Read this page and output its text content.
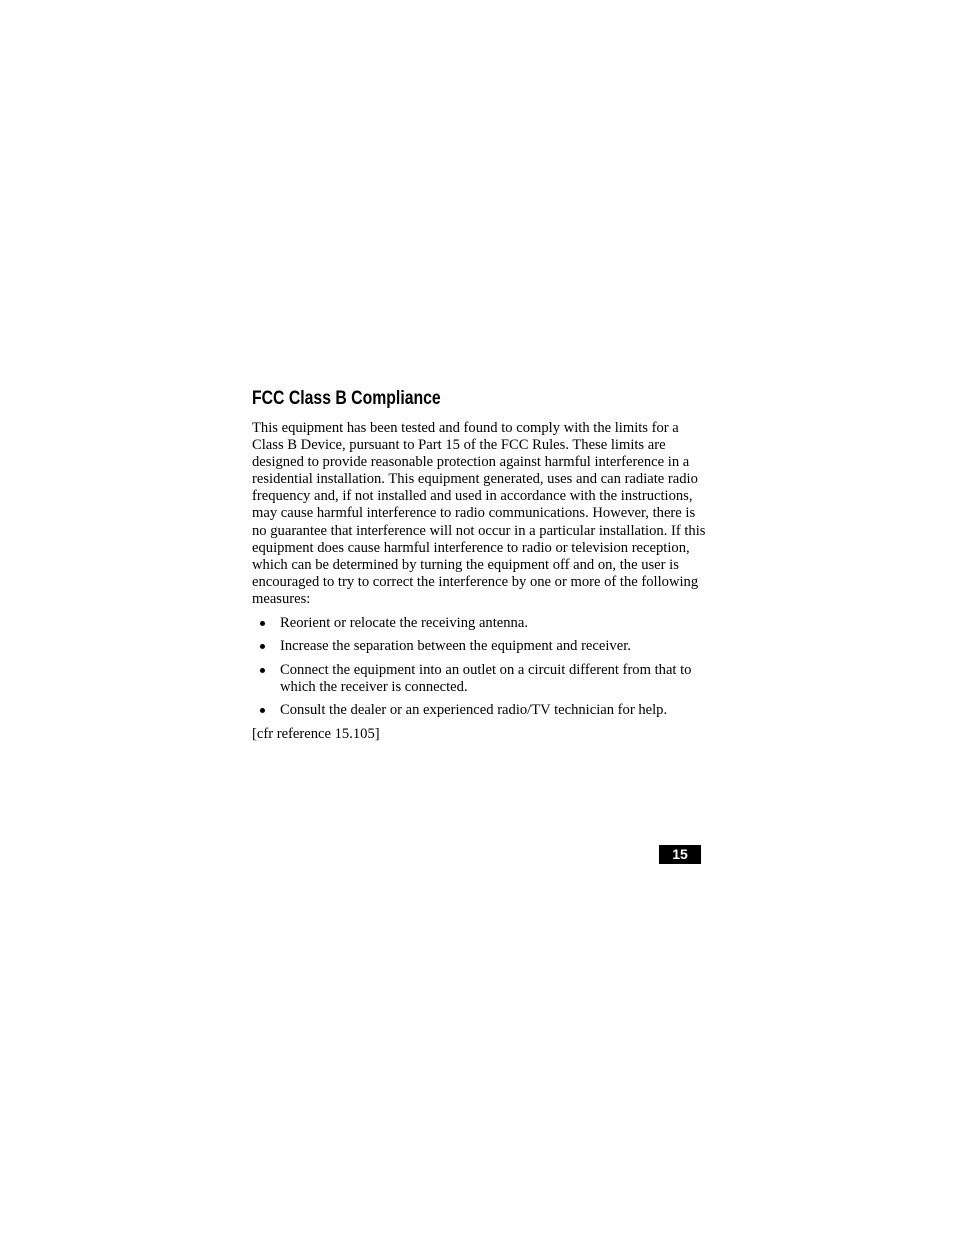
FCC Class B Compliance
This equipment has been tested and found to comply with the limits for a
Class B Device, pursuant to Part 15 of the FCC Rules. These limits are
designed to provide reasonable protection against harmful interference in a
residential installation. This equipment generated, uses and can radiate radio
frequency and, if not installed and used in accordance with the instructions,
may cause harmful interference to radio communications. However, there is
no guarantee that interference will not occur in a particular installation. If this
equipment does cause harmful interference to radio or television reception,
which can be determined by turning the equipment off and on, the user is
encouraged to try to correct the interference by one or more of the following
measures:
Reorient or relocate the receiving antenna.
Increase the separation between the equipment and receiver.
Connect the equipment into an outlet on a circuit different from that to
which the receiver is connected.
Consult the dealer or an experienced radio/TV technician for help.
[cfr reference 15.105]
15
